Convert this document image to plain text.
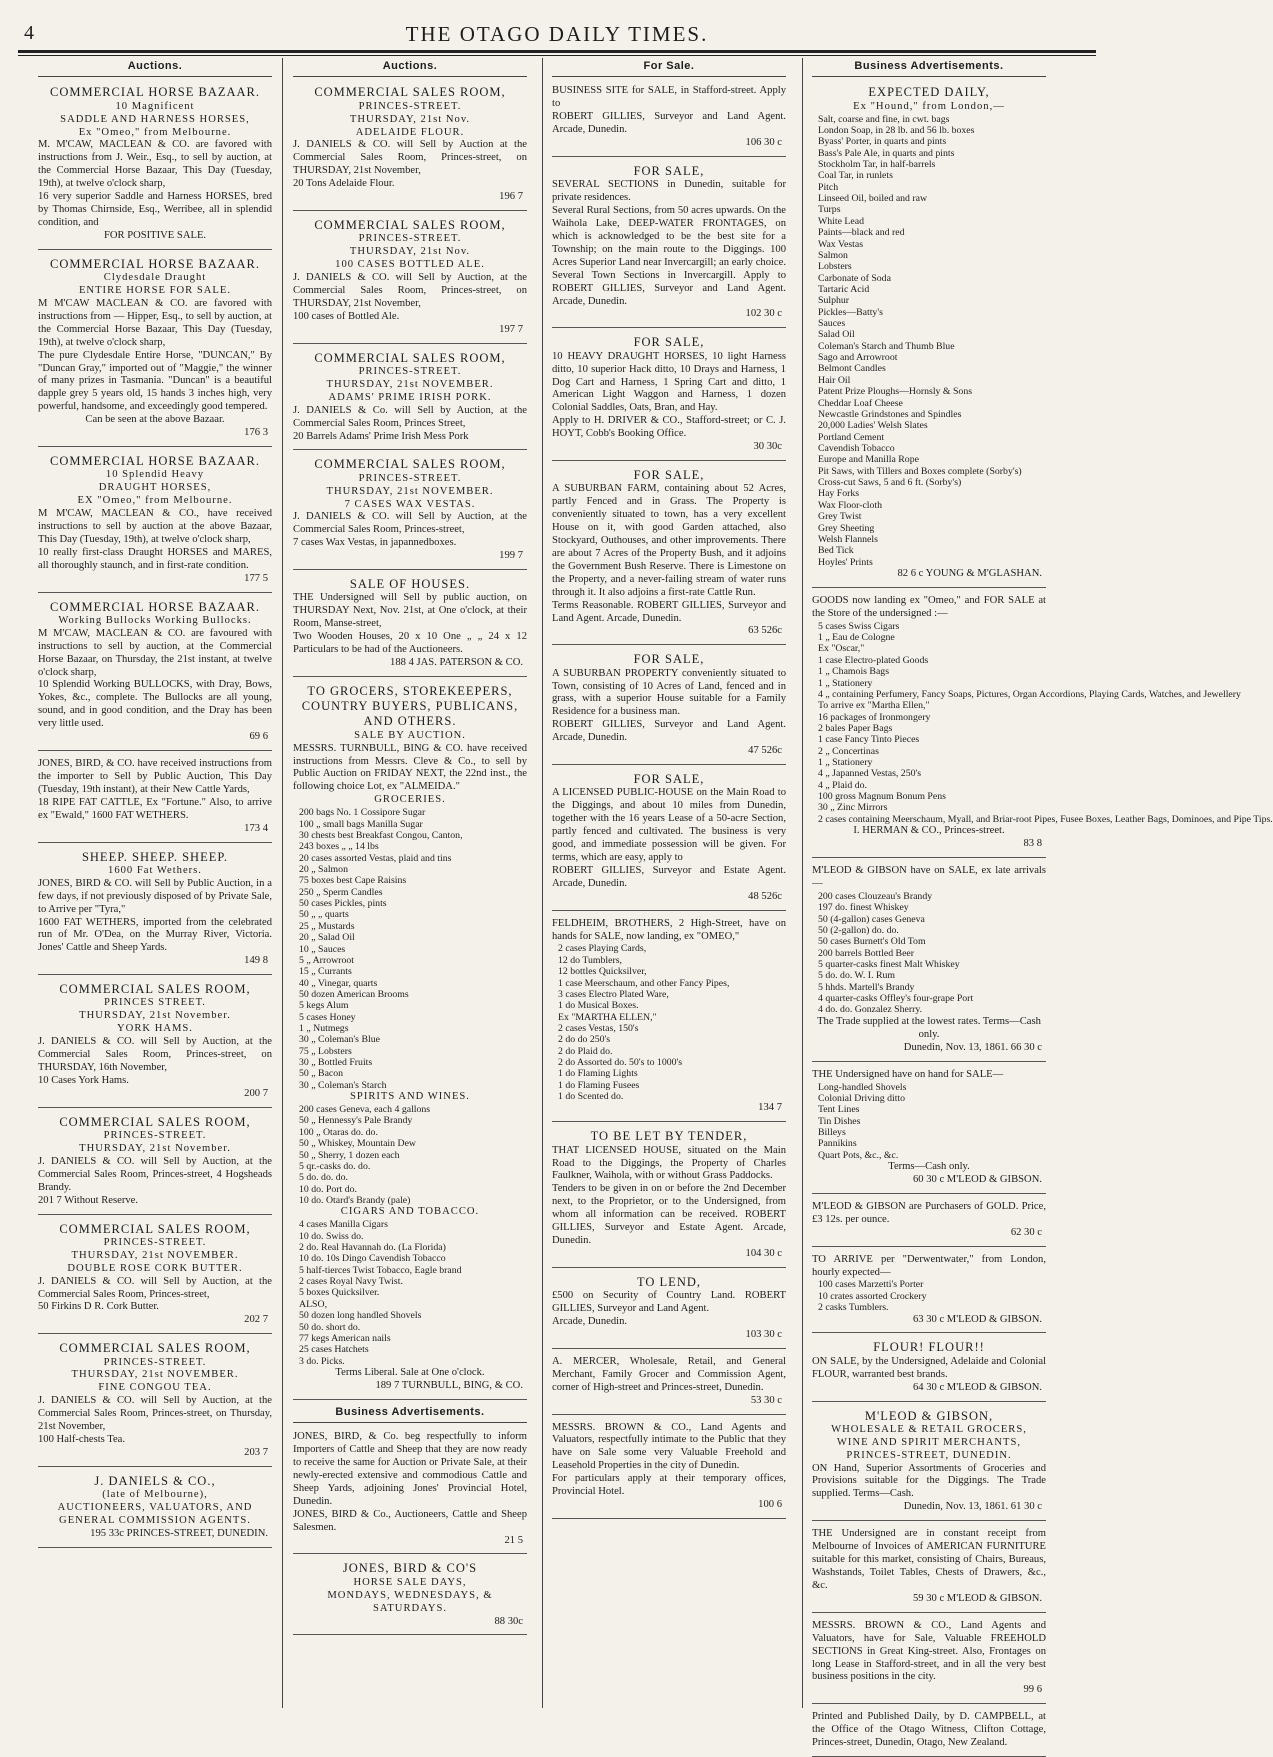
4	THE OTAGO DAILY TIMES.
Auctions.

COMMERCIAL HORSE BAZAAR.

10 Magnificent

SADDLE AND HARNESS HORSES,

Ex "Omeo," from Melbourne.

M. M'CAW, MACLEAN & CO. are favored with instructions from J. Weir., Esq., to sell by auction, at the Commercial Horse Bazaar, This Day (Tuesday, 19th), at twelve o'clock sharp,

16 very superior Saddle and Harness HORSES, bred by Thomas Chirnside, Esq., Werribee, all in splendid condition, and

FOR POSITIVE SALE.

COMMERCIAL HORSE BAZAAR.

Clydesdale Draught

ENTIRE HORSE FOR SALE.

M M'CAW MACLEAN & CO. are favored with instructions from — Hipper, Esq., to sell by auction, at the Commercial Horse Bazaar, This Day (Tuesday, 19th), at twelve o'clock sharp,

The pure Clydesdale Entire Horse, "DUNCAN," By "Duncan Gray," imported out of "Maggie," the winner of many prizes in Tasmania. "Duncan" is a beautiful dapple grey 5 years old, 15 hands 3 inches high, very powerful, handsome, and exceedingly good tempered.

Can be seen at the above Bazaar.

176 3

COMMERCIAL HORSE BAZAAR.

10 Splendid Heavy

DRAUGHT HORSES,

EX "Omeo," from Melbourne.

M M'CAW, MACLEAN & CO., have received instructions to sell by auction at the above Bazaar, This Day (Tuesday, 19th), at twelve o'clock sharp,

10 really first-class Draught HORSES and MARES, all thoroughly staunch, and in first-rate condition.

177 5

COMMERCIAL HORSE BAZAAR.

Working Bullocks Working Bullocks.

M M'CAW, MACLEAN & CO. are favoured with instructions to sell by auction, at the Commercial Horse Bazaar, on Thursday, the 21st instant, at twelve o'clock sharp,

10 Splendid Working BULLOCKS, with Dray, Bows, Yokes, &c., complete. The Bullocks are all young, sound, and in good condition, and the Dray has been very little used.

69 6

JONES, BIRD, & CO. have received instructions from the importer to Sell by Public Auction, This Day (Tuesday, 19th instant), at their New Cattle Yards,

18 RIPE FAT CATTLE, Ex "Fortune." Also, to arrive ex "Ewald," 1600 FAT WETHERS.

173 4

SHEEP. SHEEP. SHEEP.

1600 Fat Wethers.

JONES, BIRD & CO. will Sell by Public Auction, in a few days, if not previously disposed of by Private Sale, to Arrive per "Tyra,"

1600 FAT WETHERS, imported from the celebrated run of Mr. O'Dea, on the Murray River, Victoria. Jones' Cattle and Sheep Yards.

149 8

COMMERCIAL SALES ROOM,

PRINCES STREET.

THURSDAY, 21st November.

YORK HAMS.

J. DANIELS & CO. will Sell by Auction, at the Commercial Sales Room, Princes-street, on THURSDAY, 16th November,

10 Cases York Hams.

200 7

COMMERCIAL SALES ROOM,

PRINCES-STREET.

THURSDAY, 21st November.

J. DANIELS & CO. will Sell by Auction, at the Commercial Sales Room, Princes-street, 4 Hogsheads Brandy.

201 7 Without Reserve.

COMMERCIAL SALES ROOM,

PRINCES-STREET.

THURSDAY, 21st NOVEMBER.

DOUBLE ROSE CORK BUTTER.

J. DANIELS & CO. will Sell by Auction, at the Commercial Sales Room, Princes-street,

50 Firkins D R. Cork Butter.

202 7

COMMERCIAL SALES ROOM,

PRINCES-STREET.

THURSDAY, 21st NOVEMBER.

FINE CONGOU TEA.

J. DANIELS & CO. will Sell by Auction, at the Commercial Sales Room, Princes-street, on Thursday, 21st November,

100 Half-chests Tea.

203 7

J. DANIELS & CO.,

(late of Melbourne),

AUCTIONEERS, VALUATORS, AND

GENERAL COMMISSION AGENTS.

195 33c PRINCES-STREET, DUNEDIN.

Auctions.

COMMERCIAL SALES ROOM,

PRINCES-STREET.

THURSDAY, 21st Nov.

ADELAIDE FLOUR.

J. DANIELS & CO. will Sell by Auction at the Commercial Sales Room, Princes-street, on THURSDAY, 21st November,

20 Tons Adelaide Flour.

196 7

COMMERCIAL SALES ROOM,

PRINCES-STREET.

THURSDAY, 21st Nov.

100 CASES BOTTLED ALE.

J. DANIELS & CO. will Sell by Auction, at the Commercial Sales Room, Princes-street, on THURSDAY, 21st November,

100 cases of Bottled Ale.

197 7

COMMERCIAL SALES ROOM,

PRINCES-STREET.

THURSDAY, 21st NOVEMBER.

ADAMS' PRIME IRISH PORK.

J. DANIELS & Co. will Sell by Auction, at the Commercial Sales Room, Princes Street,

20 Barrels Adams' Prime Irish Mess Pork

COMMERCIAL SALES ROOM,

PRINCES-STREET.

THURSDAY, 21st NOVEMBER.

7 CASES WAX VESTAS.

J. DANIELS & CO. will Sell by Auction, at the Commercial Sales Room, Princes-street,

7 cases Wax Vestas, in japannedboxes.

199 7

SALE OF HOUSES.

THE Undersigned will Sell by public auction, on THURSDAY Next, Nov. 21st, at One o'clock, at their Room, Manse-street,

Two Wooden Houses, 20 x 10 One „ „ 24 x 12 Particulars to be had of the Auctioneers.

188 4 JAS. PATERSON & CO.

TO GROCERS, STOREKEEPERS, COUNTRY BUYERS, PUBLICANS, AND OTHERS.

SALE BY AUCTION.

MESSRS. TURNBULL, BING & CO. have received instructions from Messrs. Cleve & Co., to sell by Public Auction on FRIDAY NEXT, the 22nd inst., the following choice Lot, ex "ALMEIDA."

GROCERIES.

200 bags No. 1 Cossipore Sugar
100 „ small bags Manilla Sugar
30 chests best Breakfast Congou, Canton,
243 boxes „ „ 14 lbs
20 cases assorted Vestas, plaid and tins
20 „ Salmon
75 boxes best Cape Raisins
250 „ Sperm Candles
50 cases Pickles, pints
50 „ „ quarts
25 „ Mustards
20 „ Salad Oil
10 „ Sauces
5 „ Arrowroot
15 „ Currants
40 „ Vinegar, quarts
50 dozen American Brooms
5 kegs Alum
5 cases Honey
1 „ Nutmegs
30 „ Coleman's Blue
75 „ Lobsters
30 „ Bottled Fruits
50 „ Bacon
30 „ Coleman's Starch

SPIRITS AND WINES.

200 cases Geneva, each 4 gallons
50 „ Hennessy's Pale Brandy
100 „ Otaras do. do.
50 „ Whiskey, Mountain Dew
50 „ Sherry, 1 dozen each
5 qr.-casks do. do.
5 do. do. do.
10 do. Port do.
10 do. Otard's Brandy (pale)

CIGARS AND TOBACCO.

4 cases Manilla Cigars
10 do. Swiss do.
2 do. Real Havannah do. (La Florida)
10 do. 10s Dingo Cavendish Tobacco
5 half-tierces Twist Tobacco, Eagle brand
2 cases Royal Navy Twist.
5 boxes Quicksilver.
ALSO,
50 dozen long handled Shovels
50 do. short do.
77 kegs American nails
25 cases Hatchets
3 do. Picks.

Terms Liberal. Sale at One o'clock.

189 7 TURNBULL, BING, & CO.

Business Advertisements.

JONES, BIRD, & Co. beg respectfully to inform Importers of Cattle and Sheep that they are now ready to receive the same for Auction or Private Sale, at their newly-erected extensive and commodious Cattle and Sheep Yards, adjoining Jones' Provincial Hotel, Dunedin.

JONES, BIRD & Co., Auctioneers, Cattle and Sheep Salesmen.

21 5

JONES, BIRD & CO'S

HORSE SALE DAYS,

MONDAYS, WEDNESDAYS, & SATURDAYS.

88 30c

For Sale.

BUSINESS SITE for SALE, in Stafford-street. Apply to

ROBERT GILLIES, Surveyor and Land Agent. Arcade, Dunedin.

106 30 c

FOR SALE,

SEVERAL SECTIONS in Dunedin, suitable for private residences.

Several Rural Sections, from 50 acres upwards. On the Waihola Lake, DEEP-WATER FRONTAGES, on which is acknowledged to be the best site for a Township; on the main route to the Diggings. 100 Acres Superior Land near Invercargill; an early choice. Several Town Sections in Invercargill. Apply to ROBERT GILLIES, Surveyor and Land Agent. Arcade, Dunedin.

102 30 c

FOR SALE,

10 HEAVY DRAUGHT HORSES, 10 light Harness ditto, 10 superior Hack ditto, 10 Drays and Harness, 1 Dog Cart and Harness, 1 Spring Cart and ditto, 1 American Light Waggon and Harness, 1 dozen Colonial Saddles, Oats, Bran, and Hay.

Apply to H. DRIVER & CO., Stafford-street; or C. J. HOYT, Cobb's Booking Office.

30 30c

FOR SALE,

A SUBURBAN FARM, containing about 52 Acres, partly Fenced and in Grass. The Property is conveniently situated to town, has a very excellent House on it, with good Garden attached, also Stockyard, Outhouses, and other improvements. There are about 7 Acres of the Property Bush, and it adjoins the Government Bush Reserve. There is Limestone on the Property, and a never-failing stream of water runs through it. It also adjoins a first-rate Cattle Run.

Terms Reasonable. ROBERT GILLIES, Surveyor and Land Agent. Arcade, Dunedin.

63 526c

FOR SALE,

A SUBURBAN PROPERTY conveniently situated to Town, consisting of 10 Acres of Land, fenced and in grass, with a superior House suitable for a Family Residence for a business man.

ROBERT GILLIES, Surveyor and Land Agent. Arcade, Dunedin.

47 526c

FOR SALE,

A LICENSED PUBLIC-HOUSE on the Main Road to the Diggings, and about 10 miles from Dunedin, together with the 16 years Lease of a 50-acre Section, partly fenced and cultivated. The business is very good, and immediate possession will be given. For terms, which are easy, apply to

ROBERT GILLIES, Surveyor and Estate Agent. Arcade, Dunedin.

48 526c

FELDHEIM, BROTHERS, 2 High-Street, have on hands for SALE, now landing, ex "OMEO,"

2 cases Playing Cards,
12 do Tumblers,
12 bottles Quicksilver,
1 case Meerschaum, and other Fancy Pipes,
3 cases Electro Plated Ware,
1 do Musical Boxes.
Ex "MARTHA ELLEN,"
2 cases Vestas, 150's
2 do do 250's
2 do Plaid do.
2 do Assorted do. 50's to 1000's
1 do Flaming Lights
1 do Flaming Fusees
1 do Scented do.

134 7

TO BE LET BY TENDER,

THAT LICENSED HOUSE, situated on the Main Road to the Diggings, the Property of Charles Faulkner, Waihola, with or without Grass Paddocks.

Tenders to be given in on or before the 2nd December next, to the Proprietor, or to the Undersigned, from whom all information can be received. ROBERT GILLIES, Surveyor and Estate Agent. Arcade, Dunedin.

104 30 c

TO LEND,

£500 on Security of Country Land. ROBERT GILLIES, Surveyor and Land Agent.

Arcade, Dunedin.

103 30 c

A. MERCER, Wholesale, Retail, and General Merchant, Family Grocer and Commission Agent, corner of High-street and Princes-street, Dunedin.

53 30 c

MESSRS. BROWN & CO., Land Agents and Valuators, respectfully intimate to the Public that they have on Sale some very Valuable Freehold and Leasehold Properties in the city of Dunedin.

For particulars apply at their temporary offices, Provincial Hotel.

100 6

Business Advertisements.

EXPECTED DAILY,

Ex "Hound," from London,—

Salt, coarse and fine, in cwt. bags
London Soap, in 28 lb. and 56 lb. boxes
Byass' Porter, in quarts and pints
Bass's Pale Ale, in quarts and pints
Stockholm Tar, in half-barrels
Coal Tar, in runlets
Pitch
Linseed Oil, boiled and raw
Turps
White Lead
Paints—black and red
Wax Vestas
Salmon
Lobsters
Carbonate of Soda
Tartaric Acid
Sulphur
Pickles—Batty's
Sauces
Salad Oil
Coleman's Starch and Thumb Blue
Sago and Arrowroot
Belmont Candles
Hair Oil
Patent Prize Ploughs—Hornsly & Sons
Cheddar Loaf Cheese
Newcastle Grindstones and Spindles
20,000 Ladies' Welsh Slates
Portland Cement
Cavendish Tobacco
Europe and Manilla Rope
Pit Saws, with Tillers and Boxes complete (Sorby's)
Cross-cut Saws, 5 and 6 ft. (Sorby's)
Hay Forks
Wax Floor-cloth
Grey Twist
Grey Sheeting
Welsh Flannels
Bed Tick
Hoyles' Prints

82 6 c YOUNG & M'GLASHAN.

GOODS now landing ex "Omeo," and FOR SALE at the Store of the undersigned :—

5 cases Swiss Cigars
1 „ Eau de Cologne
Ex "Oscar,"
1 case Electro-plated Goods
1 „ Chamois Bags
1 „ Stationery
4 „ containing Perfumery, Fancy Soaps, Pictures, Organ Accordions, Playing Cards, Watches, and Jewellery
To arrive ex "Martha Ellen,"
16 packages of Ironmongery
2 bales Paper Bags
1 case Fancy Tinto Pieces
2 „ Concertinas
1 „ Stationery
4 „ Japanned Vestas, 250's
4 „ Plaid do.
100 gross Magnum Bonum Pens
30 „ Zinc Mirrors
2 cases containing Meerschaum, Myall, and Briar-root Pipes, Fusee Boxes, Leather Bags, Dominoes, and Pipe Tips.

I. HERMAN & CO., Princes-street.

83 8

M'LEOD & GIBSON have on SALE, ex late arrivals—

200 cases Clouzeau's Brandy
197 do. finest Whiskey
50 (4-gallon) cases Geneva
50 (2-gallon) do. do.
50 cases Burnett's Old Tom
200 barrels Bottled Beer
5 quarter-casks finest Malt Whiskey
5 do. do. W. I. Rum
5 hhds. Martell's Brandy
4 quarter-casks Offley's four-grape Port
4 do. do. Gonzalez Sherry.

The Trade supplied at the lowest rates. Terms—Cash only.

Dunedin, Nov. 13, 1861. 66 30 c

THE Undersigned have on hand for SALE—

Long-handled Shovels
Colonial Driving ditto
Tent Lines
Tin Dishes
Billeys
Pannikins
Quart Pots, &c., &c.

Terms—Cash only.

60 30 c M'LEOD & GIBSON.

M'LEOD & GIBSON are Purchasers of GOLD. Price, £3 12s. per ounce.

62 30 c

TO ARRIVE per "Derwentwater," from London, hourly expected—

100 cases Marzetti's Porter
10 crates assorted Crockery
2 casks Tumblers.

63 30 c M'LEOD & GIBSON.

FLOUR! FLOUR!!

ON SALE, by the Undersigned, Adelaide and Colonial FLOUR, warranted best brands.

64 30 c M'LEOD & GIBSON.

M'LEOD & GIBSON,

WHOLESALE & RETAIL GROCERS,

WINE AND SPIRIT MERCHANTS,

PRINCES-STREET, DUNEDIN.

ON Hand, Superior Assortments of Groceries and Provisions suitable for the Diggings. The Trade supplied. Terms—Cash.

Dunedin, Nov. 13, 1861. 61 30 c

THE Undersigned are in constant receipt from Melbourne of Invoices of AMERICAN FURNITURE suitable for this market, consisting of Chairs, Bureaus, Washstands, Toilet Tables, Chests of Drawers, &c., &c.

59 30 c M'LEOD & GIBSON.

MESSRS. BROWN & CO., Land Agents and Valuators, have for Sale, Valuable FREEHOLD SECTIONS in Great King-street. Also, Frontages on long Lease in Stafford-street, and in all the very best business positions in the city.

99 6

Printed and Published Daily, by D. CAMPBELL, at the Office of the Otago Witness, Clifton Cottage, Princes-street, Dunedin, Otago, New Zealand.
